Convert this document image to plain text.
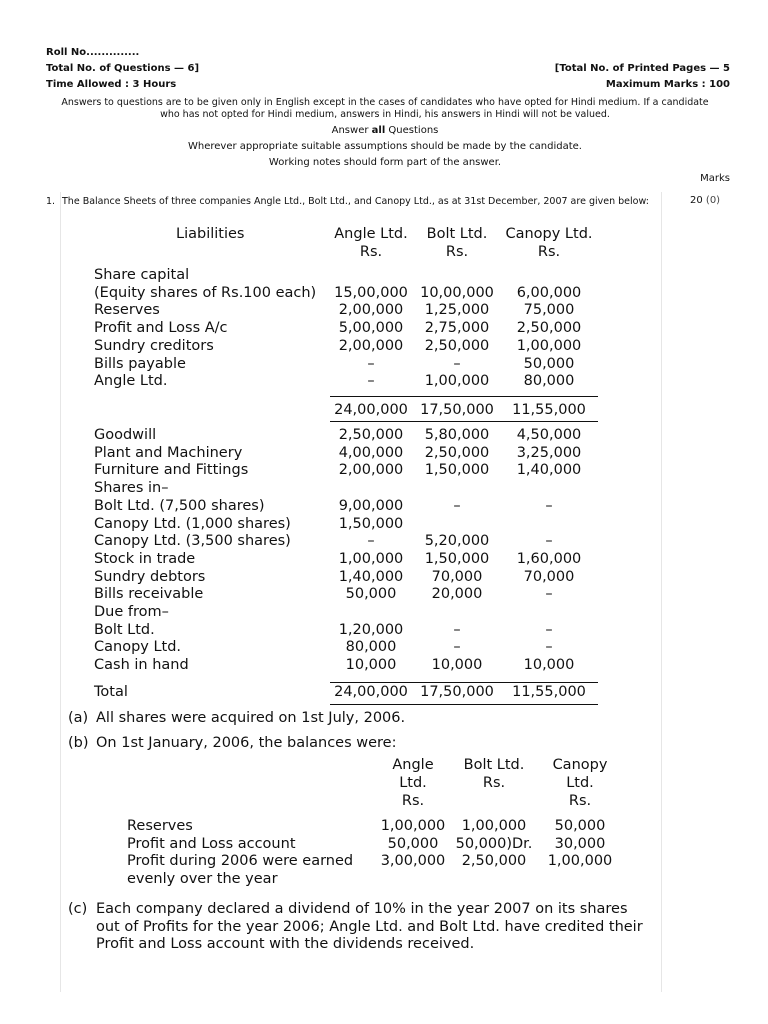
Roll No..............
Total No. of Questions — 6]	[Total No. of Printed Pages — 5
Time Allowed : 3 Hours	Maximum Marks : 100
Answers to questions are to be given only in English except in the cases of candidates who have opted for Hindi medium. If a candidate
who has not opted for Hindi medium, answers in Hindi, his answers in Hindi will not be valued.
Answer all Questions
Wherever appropriate suitable assumptions should be made by the candidate.
Working notes should form part of the answer.
Marks
1. The Balance Sheets of three companies Angle Ltd., Bolt Ltd., and Canopy Ltd., as at 31st December, 2007 are given below:	20 (0)
Liabilities	Angle Ltd.	Bolt Ltd.	Canopy Ltd.
Rs.	Rs.	Rs.
Share capital
(Equity shares of Rs.100 each) 15,00,000 10,00,000	6,00,000
Reserves	2,00,000	1,25,000	75,000
Profit and Loss A/c	5,00,000	2,75,000	2,50,000
Sundry creditors	2,00,000	2,50,000	1,00,000
Bills payable	–	–	50,000
Angle Ltd.	–	1,00,000	80,000
24,00,000 17,50,000	11,55,000
Goodwill	2,50,000	5,80,000	4,50,000
Plant and Machinery	4,00,000	2,50,000	3,25,000
Furniture and Fittings	2,00,000	1,50,000	1,40,000
Shares in–
Bolt Ltd. (7,500 shares)	9,00,000	–	–
Canopy Ltd. (1,000 shares)	1,50,000
Canopy Ltd. (3,500 shares)	–	5,20,000	–
Stock in trade	1,00,000	1,50,000	1,60,000
Sundry debtors	1,40,000	70,000	70,000
Bills receivable	50,000	20,000	–
Due from–
Bolt Ltd.	1,20,000	–	–
Canopy Ltd.	80,000	–	–
Cash in hand	10,000	10,000	10,000
Total	24,00,000 17,50,000	11,55,000
(a) All shares were acquired on 1st July, 2006.
(b) On 1st January, 2006, the balances were:
Angle	Bolt Ltd.	Canopy
Ltd.	Rs.	Ltd.
Rs.	Rs.
Reserves	1,00,000	1,00,000	50,000
Profit and Loss account	50,000	50,000)Dr.	30,000
Profit during 2006 were earned	3,00,000	2,50,000	1,00,000
evenly over the year
(c) Each company declared a dividend of 10% in the year 2007 on its shares
out of Profits for the year 2006; Angle Ltd. and Bolt Ltd. have credited their
Profit and Loss account with the dividends received.
